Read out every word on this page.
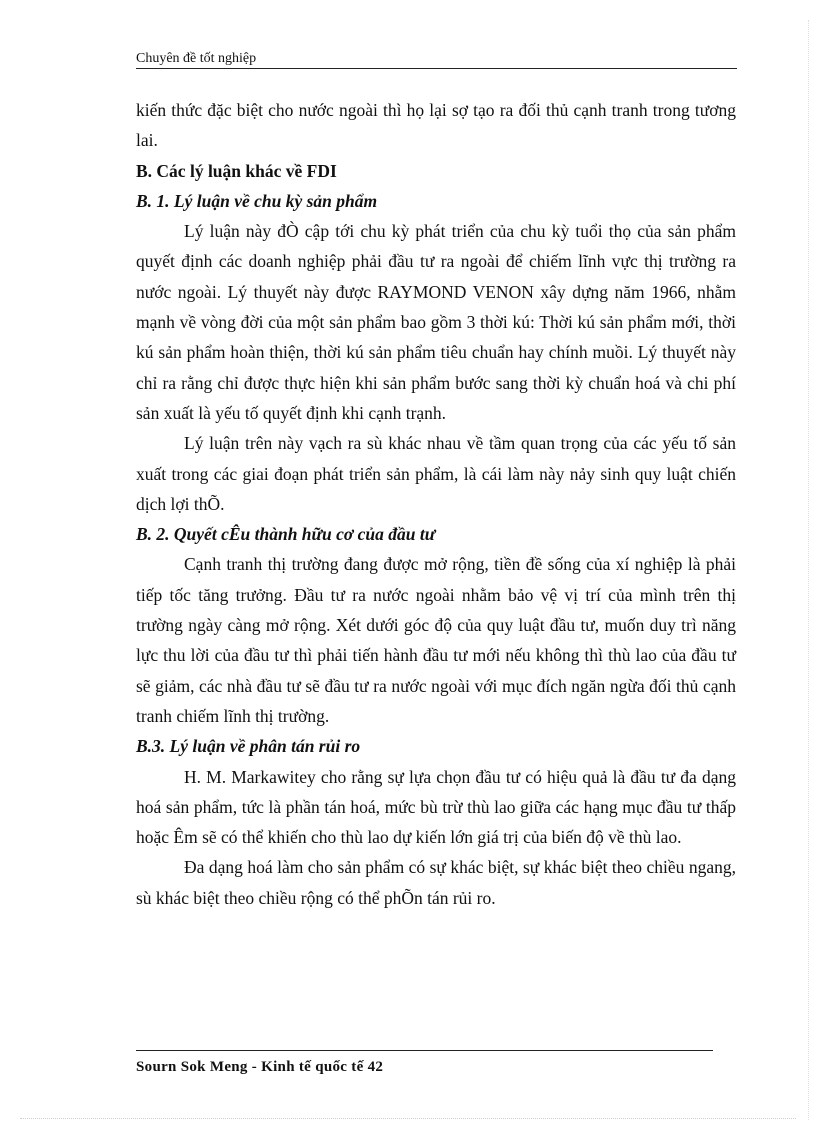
Chuyên đề tốt nghiệp

kiến thức đặc biệt cho nước ngoài thì họ lại sợ tạo ra đối thủ cạnh tranh trong tương lai.

B. Các lý luận khác về FDI

B. 1. Lý luận về chu kỳ sản phẩm

Lý luận này đÒ cập tới chu kỳ phát triển của chu kỳ tuổi thọ của sản phẩm quyết định các doanh nghiệp phải đầu tư ra ngoài để chiếm lĩnh vực thị trường ra nước ngoài. Lý thuyết này được RAYMOND VENON xây dựng năm 1966, nhằm mạnh về vòng đời của một sản phẩm bao gồm 3 thời kú: Thời kú sản phẩm mới, thời kú sản phẩm hoàn thiện, thời kú sản phẩm tiêu chuẩn hay chính muồi. Lý thuyết này chỉ ra rằng chỉ được thực hiện khi sản phẩm bước sang thời kỳ chuẩn hoá và chi phí sản xuất là yếu tố quyết định khi cạnh trạnh.

Lý luận trên này vạch ra sù khác nhau về tầm quan trọng của các yếu tố sản xuất trong các giai đoạn phát triển sản phẩm, là cái làm này nảy sinh quy luật chiến dịch lợi thÕ.

B. 2. Quyết cÊu thành hữu cơ của đầu tư

Cạnh tranh thị trường đang được mở rộng, tiền đề sống của xí nghiệp là phải tiếp tốc tăng trưởng. Đầu tư ra nước ngoài nhằm bảo vệ vị trí của mình trên thị trường ngày càng mở rộng. Xét dưới góc độ của quy luật đầu tư, muốn duy trì năng lực thu lời của đầu tư thì phải tiến hành đầu tư mới nếu không thì thù lao của đầu tư sẽ giảm, các nhà đầu tư sẽ đầu tư ra nước ngoài với mục đích ngăn ngừa đối thủ cạnh tranh chiếm lĩnh thị trường.

B.3. Lý luận về phân tán rủi ro

H. M. Markawitey cho rằng sự lựa chọn đầu tư có hiệu quả là đầu tư đa dạng hoá sản phẩm, tức là phần tán hoá, mức bù trừ thù lao giữa các hạng mục đầu tư thấp hoặc Êm sẽ có thể khiến cho thù lao dự kiến lớn giá trị của biến độ về thù lao.

Đa dạng hoá làm cho sản phẩm có sự khác biệt, sự khác biệt theo chiều ngang, sù khác biệt theo chiều rộng có thể phÕn tán rủi ro.

Sourn Sok Meng - Kinh tế quốc tế 42
